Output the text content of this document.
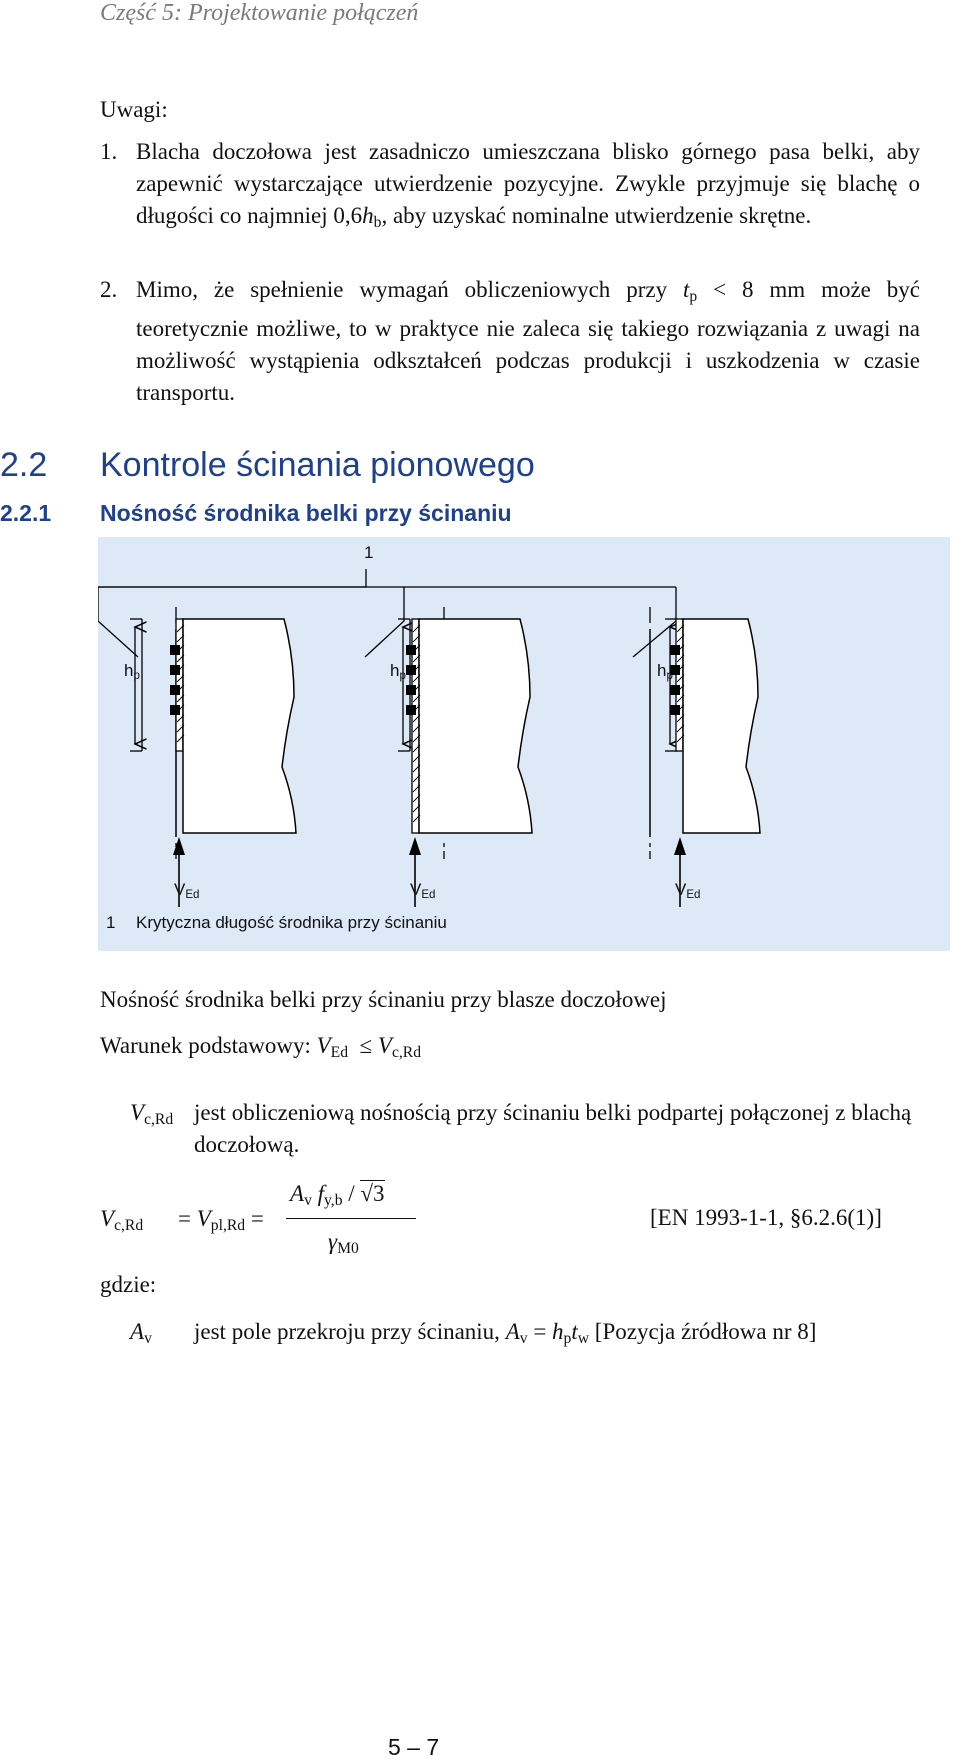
Część 5: Projektowanie połączeń
Uwagi:
1. Blacha doczołowa jest zasadniczo umieszczana blisko górnego pasa belki, aby zapewnić wystarczające utwierdzenie pozycyjne. Zwykle przyjmuje się blachę o długości co najmniej $0,6h_b$, aby uzyskać nominalne utwierdzenie skrętne.
2. Mimo, że spełnienie wymagań obliczeniowych przy $t_p < 8$ mm może być teoretycznie możliwe, to w praktyce nie zaleca się takiego rozwiązania z uwagi na możliwość wystąpienia odkształceń podczas produkcji i uszkodzenia w czasie transportu.
2.2 Kontrole ścinania pionowego
2.2.1 Nośność środnika belki przy ścinaniu
1
$h_p$	$h_p$	$h_p$
$V_{Ed}$	$V_{Ed}$	$V_{Ed}$
1 Krytyczna długość środnika przy ścinaniu
Nośność środnika belki przy ścinaniu przy blasze doczołowej
Warunek podstawowy: $V_{Ed} \le V_{c,Rd}$
$V_{c,Rd}$ jest obliczeniową nośnością przy ścinaniu belki podpartej połączonej z blachą doczołową.
$V_{c,Rd} = V_{pl,Rd}$ =
$A_v$ $f_{y,b} / √3$
$\gamma_{M0}$
[EN 1993-1-1, §6.2.6(1)]
gdzie:
$A_v$ jest pole przekroju przy ścinaniu, $A_v = h_pt_w$ [Pozycja źródłowa nr 8]
5 – 7
